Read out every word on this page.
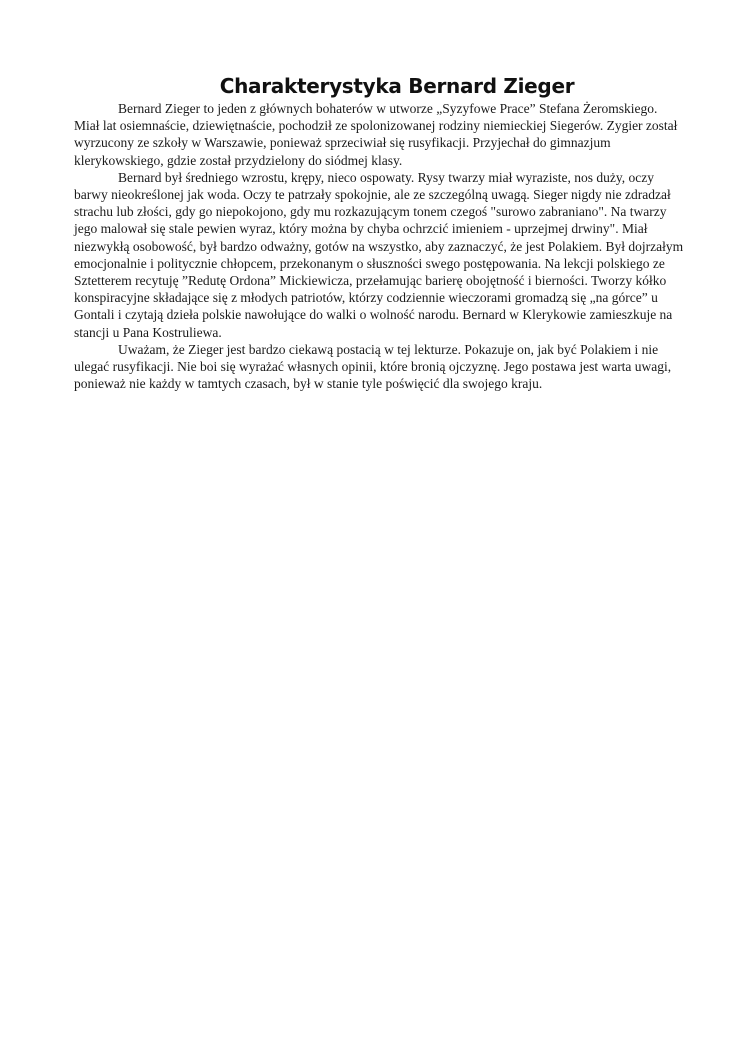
Charakterystyka Bernard Zieger

Bernard Zieger to jeden z głównych bohaterów w utworze „Syzyfowe Prace” Stefana Żeromskiego. Miał lat osiemnaście, dziewiętnaście, pochodził ze spolonizowanej rodziny niemieckiej Siegerów. Zygier został wyrzucony ze szkoły w Warszawie, ponieważ sprzeciwiał się rusyfikacji. Przyjechał do gimnazjum klerykowskiego, gdzie został przydzielony do siódmej klasy.

Bernard był średniego wzrostu, krępy, nieco ospowaty. Rysy twarzy miał wyraziste, nos duży, oczy barwy nieokreślonej jak woda. Oczy te patrzały spokojnie, ale ze szczególną uwagą. Sieger nigdy nie zdradzał strachu lub złości, gdy go niepokojono, gdy mu rozkazującym tonem czegoś "surowo zabraniano". Na twarzy jego malował się stale pewien wyraz, który można by chyba ochrzcić imieniem - uprzejmej drwiny". Miał niezwykłą osobowość, był bardzo odważny, gotów na wszystko, aby zaznaczyć, że jest Polakiem. Był dojrzałym emocjonalnie i politycznie chłopcem, przekonanym o słuszności swego postępowania. Na lekcji polskiego ze Sztetterem recytuję ”Redutę Ordona” Mickiewicza, przełamując barierę obojętność i bierności. Tworzy kółko konspiracyjne składające się z młodych patriotów, którzy codziennie wieczorami gromadzą się „na górce” u Gontali i czytają dzieła polskie nawołujące do walki o wolność narodu. Bernard w Klerykowie zamieszkuje na stancji u Pana Kostruliewa.

Uważam, że Zieger jest bardzo ciekawą postacią w tej lekturze. Pokazuje on, jak być Polakiem i nie ulegać rusyfikacji. Nie boi się wyrażać własnych opinii, które bronią ojczyznę. Jego postawa jest warta uwagi, ponieważ nie każdy w tamtych czasach, był w stanie tyle poświęcić dla swojego kraju.
